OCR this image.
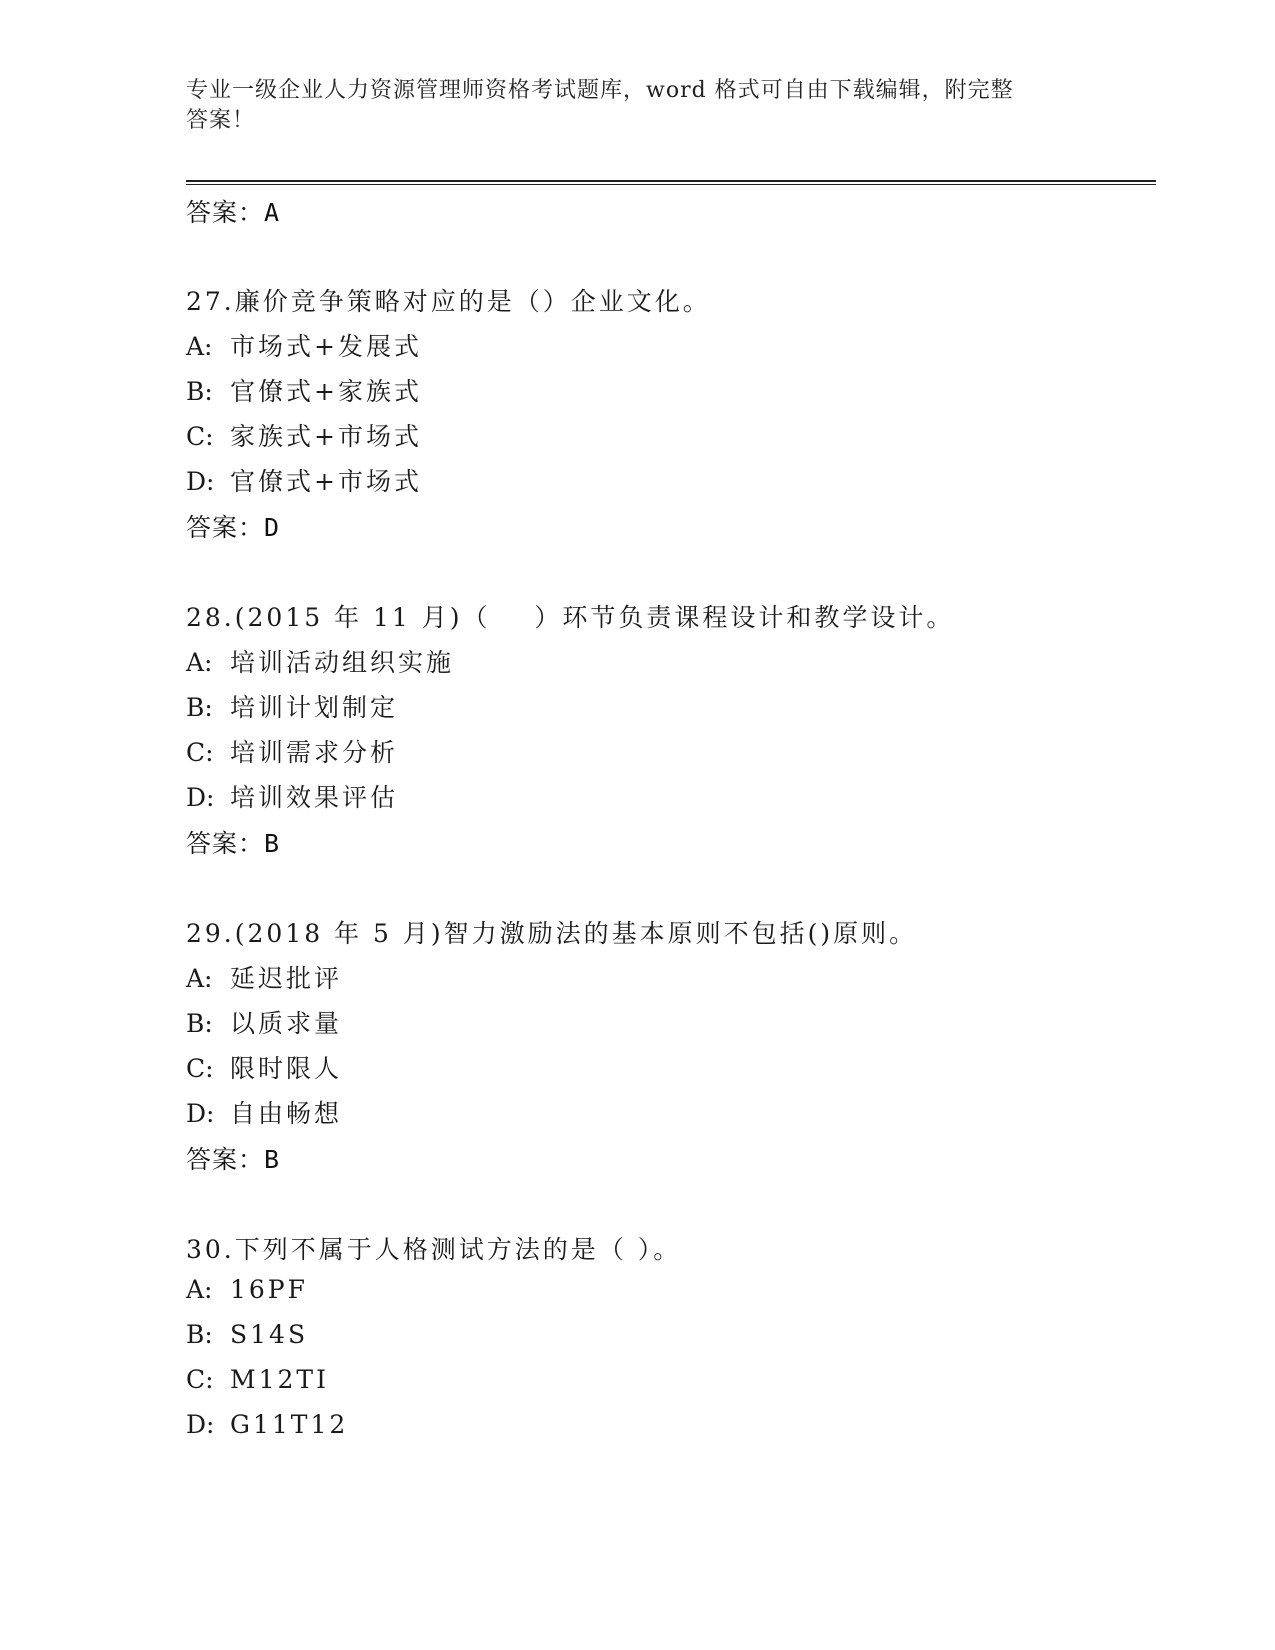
专业一级企业人力资源管理师资格考试题库，word 格式可自由下载编辑，附完整
答案！
答案：A
27.廉价竞争策略对应的是（）企业文化。
A: 市场式+发展式
B: 官僚式+家族式
C: 家族式+市场式
D: 官僚式+市场式
答案：D
28.(2015 年 11 月)（    ）环节负责课程设计和教学设计。
A: 培训活动组织实施
B: 培训计划制定
C: 培训需求分析
D: 培训效果评估
答案：B
29.(2018 年 5 月)智力激励法的基本原则不包括()原则。
A: 延迟批评
B: 以质求量
C: 限时限人
D: 自由畅想
答案：B
30.下列不属于人格测试方法的是（ ）。
A: 16PF
B: S14S
C: M12TI
D: G11T12
